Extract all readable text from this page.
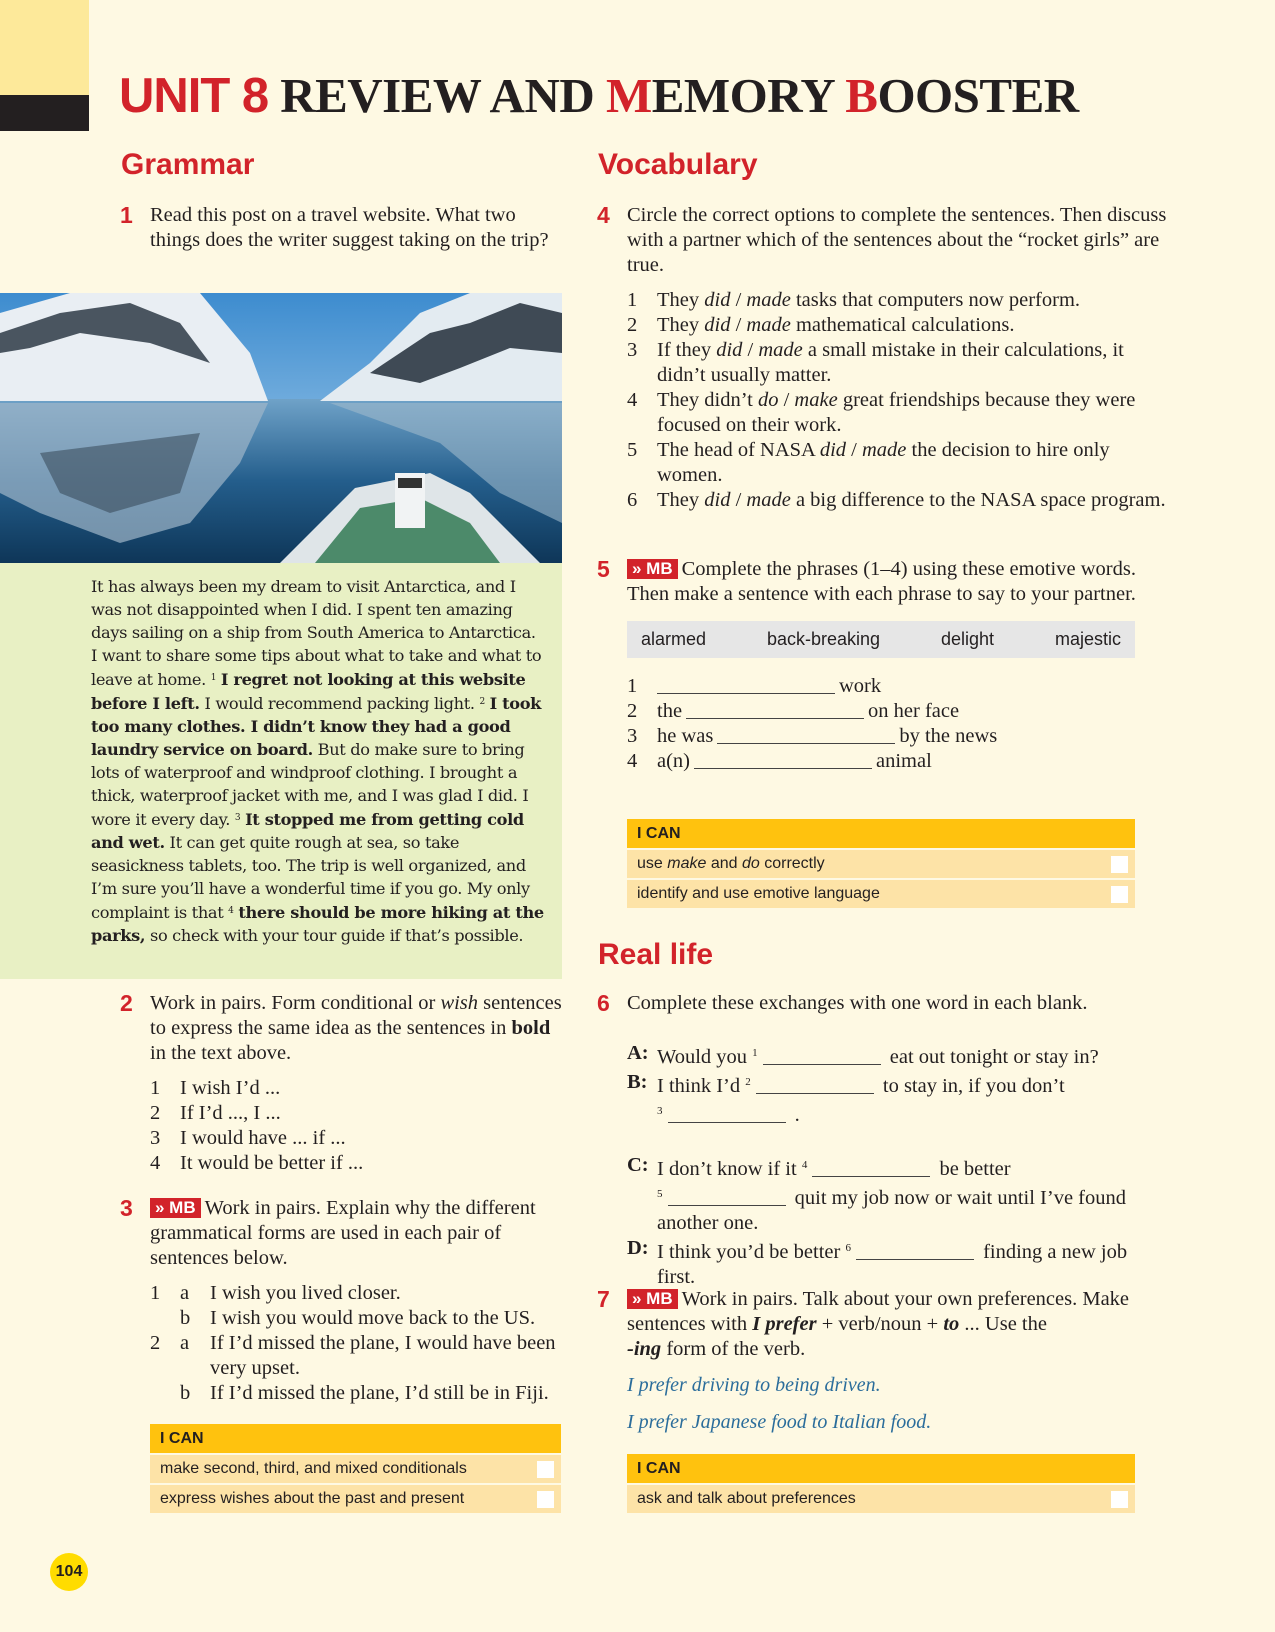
UNIT 8 REVIEW AND MEMORY BOOSTER
Grammar
1 Read this post on a travel website. What two things does the writer suggest taking on the trip?

It has always been my dream to visit Antarctica, and I was not disappointed when I did. I spent ten amazing days sailing on a ship from South America to Antarctica. I want to share some tips about what to take and what to leave at home. $^1$ I regret not looking at this website before I left. I would recommend packing light. $^2$ I took too many clothes. I didn’t know they had a good laundry service on board. But do make sure to bring lots of waterproof and windproof clothing. I brought a thick, waterproof jacket with me, and I was glad I did. I wore it every day. $^3$ It stopped me from getting cold and wet. It can get quite rough at sea, so take seasickness tablets, too. The trip is well organized, and I’m sure you’ll have a wonderful time if you go. My only complaint is that $^4$ there should be more hiking at the parks, so check with your tour guide if that’s possible.

2 Work in pairs. Form conditional or wish sentences to express the same idea as the sentences in bold in the text above.
1 I wish I’d ...
2 If I’d ..., I ...
3 I would have ... if ...
4 It would be better if ...
3 » MB Work in pairs. Explain why the different grammatical forms are used in each pair of sentences below.
1 a	I wish you lived closer.
b I wish you would move back to the US.
2 a	If I’d missed the plane, I would have been very upset.
b If I’d missed the plane, I’d still be in Fiji.
I CAN
make second, third, and mixed conditionals
express wishes about the past and present
Vocabulary
4 Circle the correct options to complete the sentences. Then discuss with a partner which of the sentences about the “rocket girls” are true.
1 They did / made tasks that computers now perform.
2 They did / made mathematical calculations.
3 If they did / made a small mistake in their calculations, it didn’t usually matter.
4 They didn’t do / make great friendships because they were focused on their work.
5 The head of NASA did / made the decision to hire only women.
6 They did / made a big difference to the NASA space program.
5 » MB Complete the phrases (1–4) using these emotive words. Then make a sentence with each phrase to say to your partner.
alarmed	back-breaking	delight	majestic
1	work
2 the	on her face
3 he was	by the news
4 a(n)	animal
I CAN
use make and do correctly
identify and use emotive language
Real life
6 Complete these exchanges with one word in each blank.
A: Would you $^1$	eat out tonight or stay in?
B: I think I’d $^2$	to stay in, if you don’t
$^3$	.
C: I don’t know if it $^4$	be better
$^5$	quit my job now or wait until I’ve found another one.
D: I think you’d be better $^6$	finding a new job first.
7 » MB Work in pairs. Talk about your own preferences. Make sentences with I prefer + verb/noun + to ... Use the
-ing form of the verb.
I prefer driving to being driven.
I prefer Japanese food to Italian food.
I CAN
ask and talk about preferences
104
